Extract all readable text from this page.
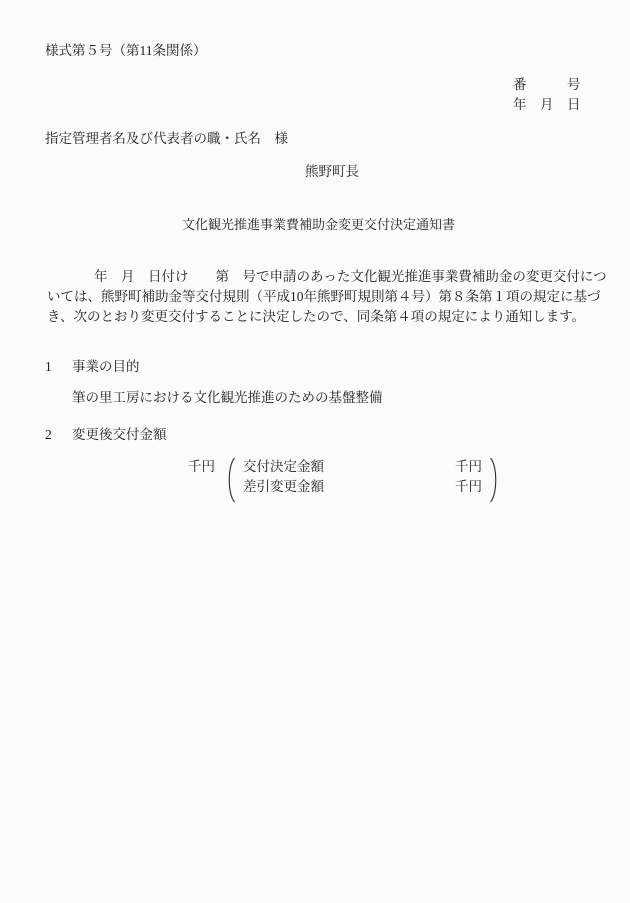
様式第５号（第11条関係）
番　　　号
年　月　日
指定管理者名及び代表者の職・氏名　様
熊野町長
文化観光推進事業費補助金変更交付決定通知書
年　月　日付け　　第　号で申請のあった文化観光推進事業費補助金の変更交付につ
いては、熊野町補助金等交付規則（平成10年熊野町規則第４号）第８条第１項の規定に基づ
き、次のとおり変更交付することに決定したので、同条第４項の規定により通知します。
1 事業の目的
筆の里工房における文化観光推進のための基盤整備
2 変更後交付金額
千円 交付決定金額	千円
差引変更金額	千円
